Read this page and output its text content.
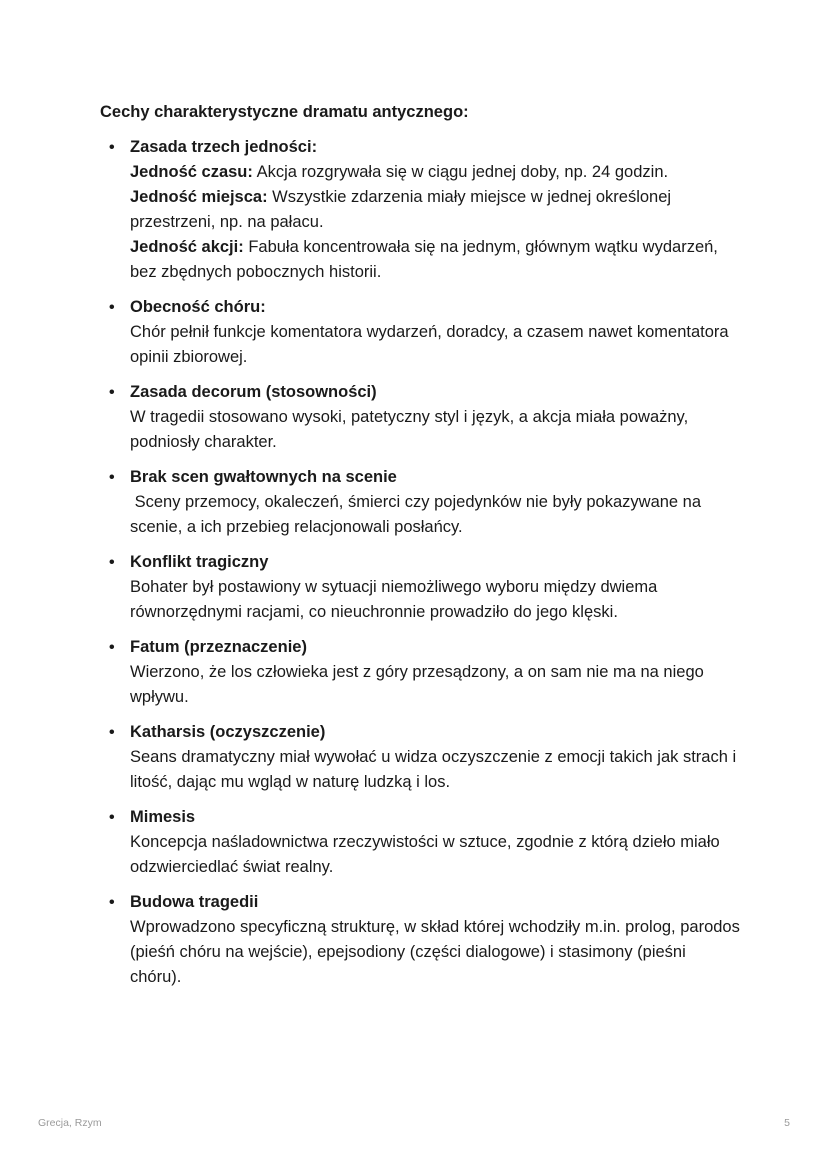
Cechy charakterystyczne dramatu antycznego:
• Zasada trzech jedności:
Jedność czasu: Akcja rozgrywała się w ciągu jednej doby, np. 24 godzin.
Jedność miejsca: Wszystkie zdarzenia miały miejsce w jednej określonej przestrzeni, np. na pałacu.
Jedność akcji: Fabuła koncentrowała się na jednym, głównym wątku wydarzeń, bez zbędnych pobocznych historii.
• Obecność chóru:
Chór pełnił funkcje komentatora wydarzeń, doradcy, a czasem nawet komentatora opinii zbiorowej.
• Zasada decorum (stosowności)
W tragedii stosowano wysoki, patetyczny styl i język, a akcja miała poważny, podniosły charakter.
• Brak scen gwałtownych na scenie
Sceny przemocy, okaleczeń, śmierci czy pojedynków nie były pokazywane na scenie, a ich przebieg relacjonowali posłańcy.
• Konflikt tragiczny
Bohater był postawiony w sytuacji niemożliwego wyboru między dwiema równorzędnymi racjami, co nieuchronnie prowadziło do jego klęski.
• Fatum (przeznaczenie)
Wierzono, że los człowieka jest z góry przesądzony, a on sam nie ma na niego wpływu.
• Katharsis (oczyszczenie)
Seans dramatyczny miał wywołać u widza oczyszczenie z emocji takich jak strach i litość, dając mu wgląd w naturę ludzką i los.
• Mimesis
Koncepcja naśladownictwa rzeczywistości w sztuce, zgodnie z którą dzieło miało odzwierciedlać świat realny.
• Budowa tragedii
Wprowadzono specyficzną strukturę, w skład której wchodziły m.in. prolog, parodos (pieśń chóru na wejście), epejsodiony (części dialogowe) i stasimony (pieśni chóru).
Grecja, Rzym	5
